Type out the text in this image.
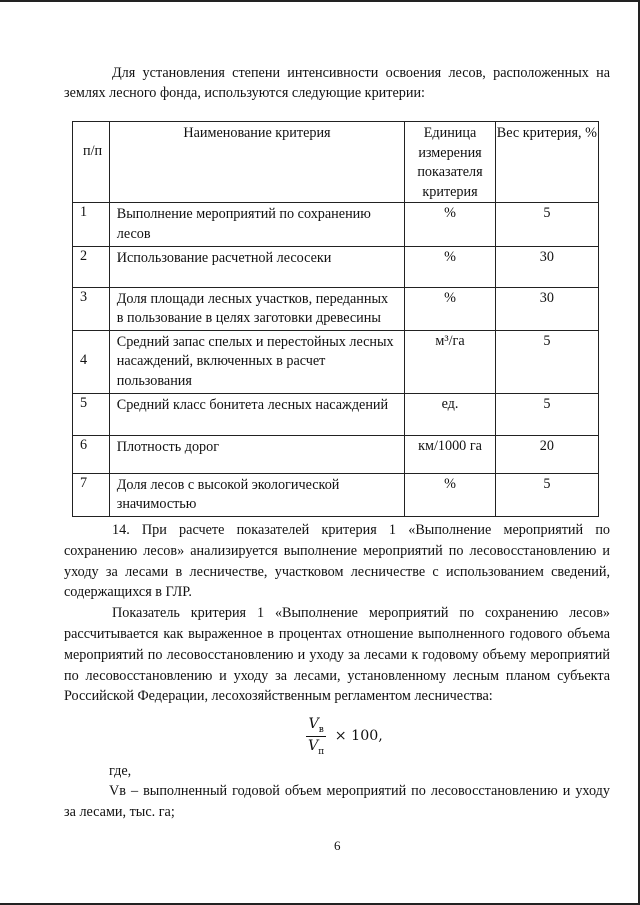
Для установления степени интенсивности освоения лесов, расположенных на землях лесного фонда, используются следующие критерии:

п/п	Наименование критерия	Единица измерения показателя критерия	Вес критерия, %

1	Выполнение мероприятий по сохранению лесов	%	5

2	Использование расчетной лесосеки	%	30

3	Доля площади лесных участков, переданных в пользование в целях заготовки древесины	%	30

4	Средний запас спелых и перестойных лесных насаждений, включенных в расчет пользования	м³/га	5

5	Средний класс бонитета лесных насаждений	ед.	5

6	Плотность дорог	км/1000 га	20

7	Доля лесов с высокой экологической значимостью	%	5

14. При расчете показателей критерия 1 «Выполнение мероприятий по сохранению лесов» анализируется выполнение мероприятий по лесовосстановлению и уходу за лесами в лесничестве, участковом лесничестве с использованием сведений, содержащихся в ГЛР.

Показатель критерия 1 «Выполнение мероприятий по сохранению лесов» рассчитывается как выраженное в процентах отношение выполненного годового объема мероприятий по лесовосстановлению и уходу за лесами к годовому объему мероприятий по лесовосстановлению и уходу за лесами, установленному лесным планом субъекта Российской Федерации, лесохозяйственным регламентом лесничества:

$\frac{V_в}{V_п} \times 100$,
где,

Vв – выполненный годовой объем мероприятий по лесовосстановлению и уходу за лесами, тыс. га;

6
